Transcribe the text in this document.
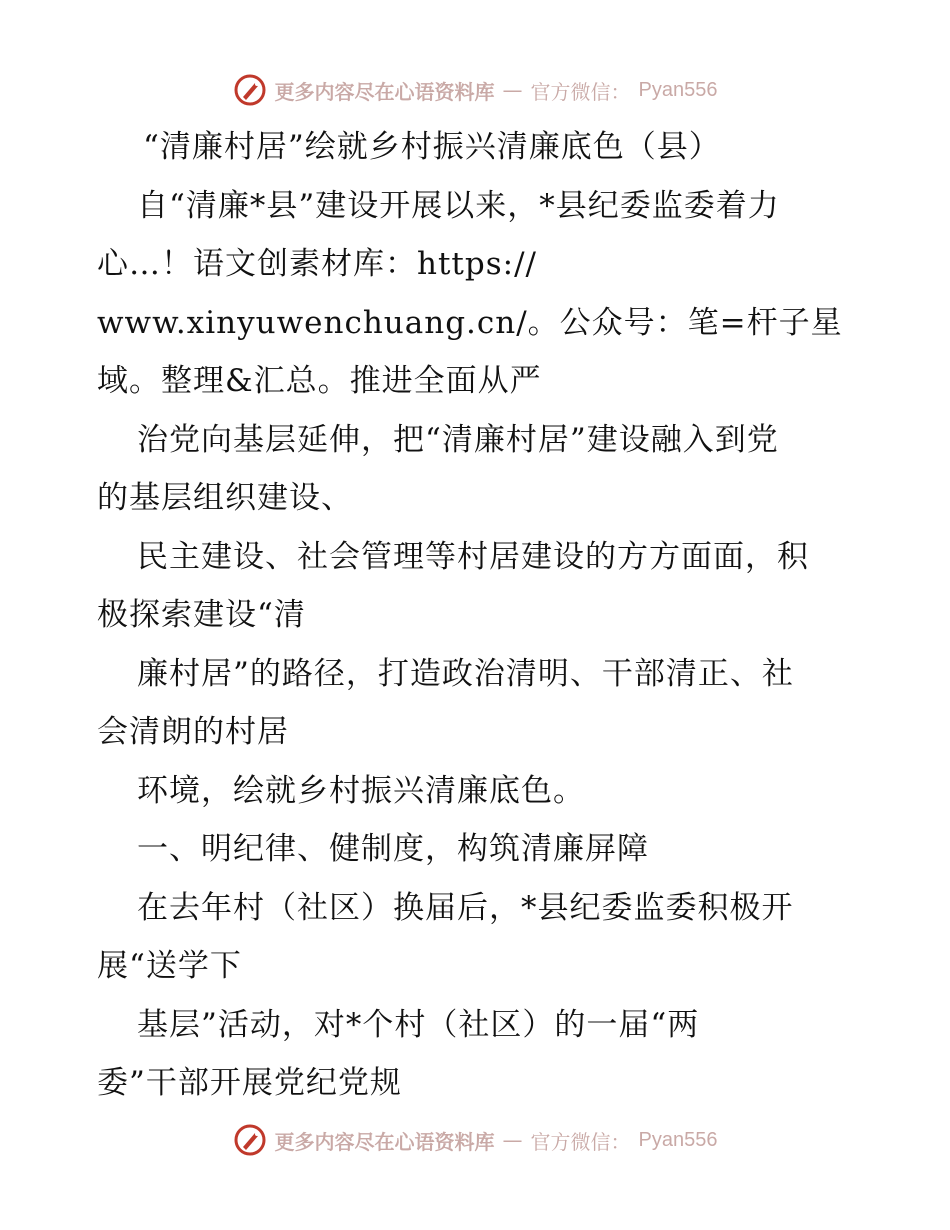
更多内容尽在心语资料库 — 官方微信： Pyan556
“清廉村居”绘就乡村振兴清廉底色（县）
自“清廉*县”建设开展以来，*县纪委监委着力
心…！语文创素材库：https://
www.xinyuwenchuang.cn/。公众号：笔=杆子星
域。整理&汇总。推进全面从严
治党向基层延伸，把“清廉村居”建设融入到党
的基层组织建设、
民主建设、社会管理等村居建设的方方面面，积
极探索建设“清
廉村居”的路径，打造政治清明、干部清正、社
会清朗的村居
环境，绘就乡村振兴清廉底色。
一、明纪律、健制度，构筑清廉屏障
在去年村（社区）换届后，*县纪委监委积极开
展“送学下
基层”活动，对*个村（社区）的一届“两
委”干部开展党纪党规
更多内容尽在心语资料库 — 官方微信： Pyan556
